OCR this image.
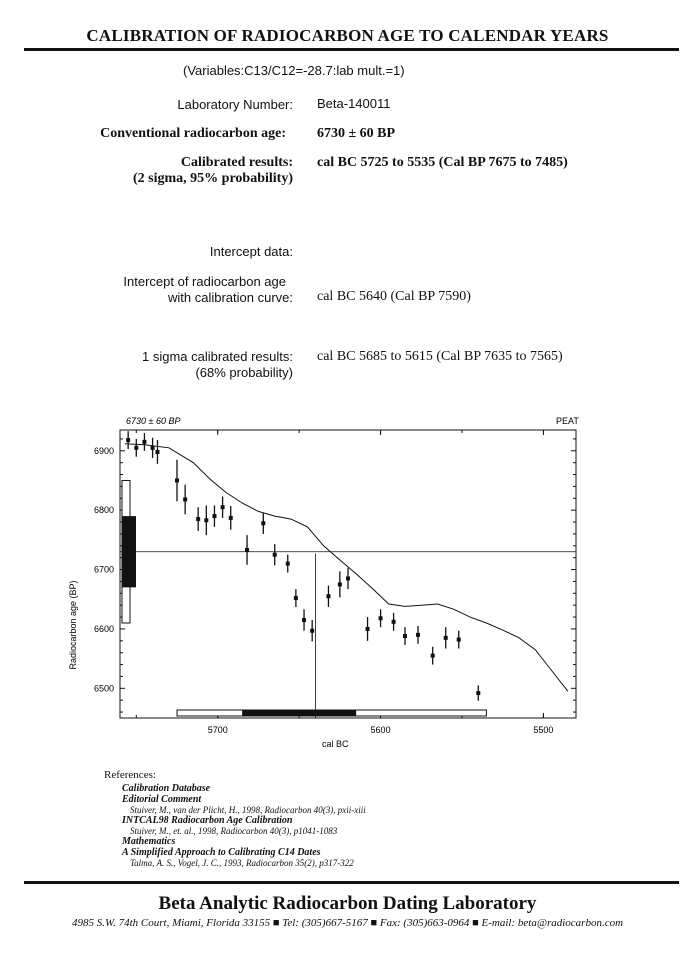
CALIBRATION OF RADIOCARBON AGE TO CALENDAR YEARS
(Variables:C13/C12=-28.7:lab mult.=1)
Laboratory Number: Beta-140011
Conventional radiocarbon age: 6730 ± 60 BP
Calibrated results:
(2 sigma, 95% probability)
cal BC 5725 to 5535 (Cal BP 7675 to 7485)
Intercept data:
Intercept of radiocarbon age
with calibration curve: cal BC 5640 (Cal BP 7590)
1 sigma calibrated results:
(68% probability)
cal BC 5685 to 5615 (Cal BP 7635 to 7565)
6730 ± 60 BP	PEAT
cal BC
Radiocarbon age (BP)
6900
6800
6700
6600
6500
5700	5600	5500
References:
Calibration Database
Editorial Comment
Stuiver, M., van der Plicht, H., 1998, Radiocarbon 40(3), pxii-xiii
INTCAL98 Radiocarbon Age Calibration
Stuiver, M., et. al., 1998, Radiocarbon 40(3), p1041-1083
Mathematics
A Simplified Approach to Calibrating C14 Dates
Talma, A. S., Vogel, J. C., 1993, Radiocarbon 35(2), p317-322
Beta Analytic Radiocarbon Dating Laboratory
4985 S.W. 74th Court, Miami, Florida 33155 ■ Tel: (305)667-5167 ■ Fax: (305)663-0964 ■ E-mail: beta@radiocarbon.com
